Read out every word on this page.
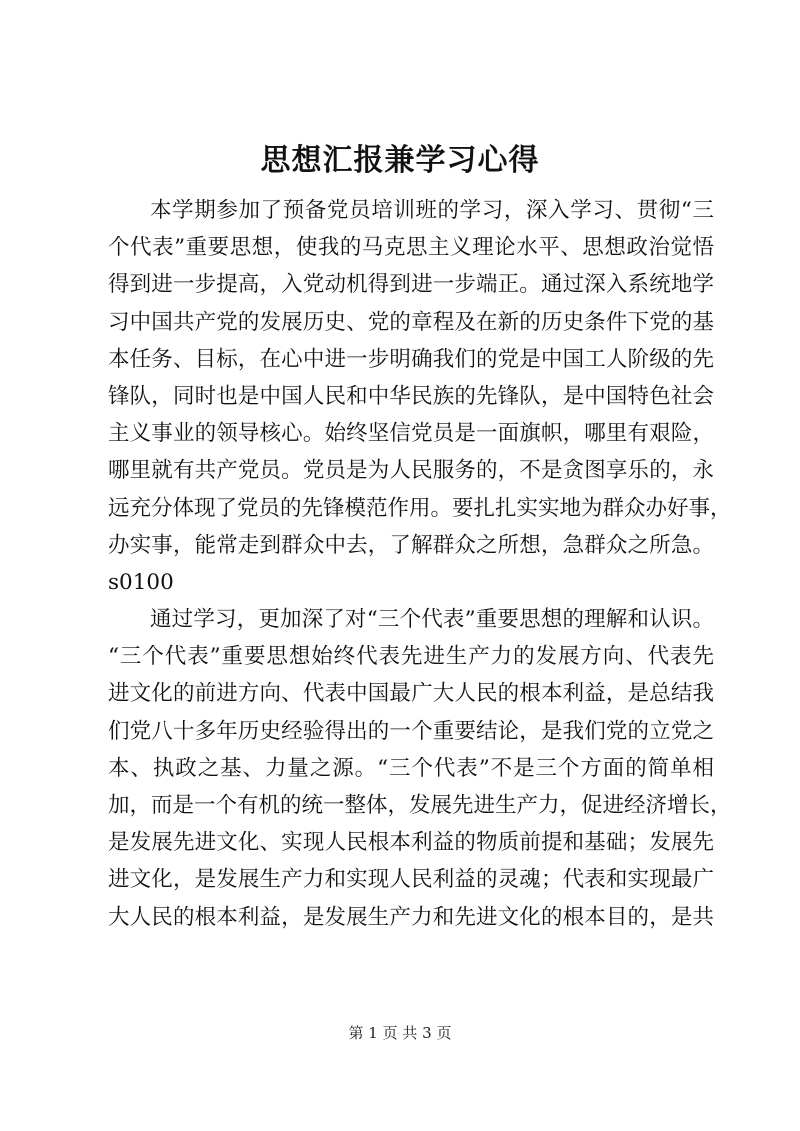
思想汇报兼学习心得
本学期参加了预备党员培训班的学习，深入学习、贯彻“三
个代表”重要思想，使我的马克思主义理论水平、思想政治觉悟
得到进一步提高，入党动机得到进一步端正。通过深入系统地学
习中国共产党的发展历史、党的章程及在新的历史条件下党的基
本任务、目标，在心中进一步明确我们的党是中国工人阶级的先
锋队，同时也是中国人民和中华民族的先锋队，是中国特色社会
主义事业的领导核心。始终坚信党员是一面旗帜，哪里有艰险，
哪里就有共产党员。党员是为人民服务的，不是贪图享乐的，永
远充分体现了党员的先锋模范作用。要扎扎实实地为群众办好事，
办实事，能常走到群众中去，了解群众之所想，急群众之所急。
s0100
通过学习，更加深了对“三个代表”重要思想的理解和认识。
“三个代表”重要思想始终代表先进生产力的发展方向、代表先
进文化的前进方向、代表中国最广大人民的根本利益，是总结我
们党八十多年历史经验得出的一个重要结论，是我们党的立党之
本、执政之基、力量之源。“三个代表”不是三个方面的简单相
加，而是一个有机的统一整体，发展先进生产力，促进经济增长，
是发展先进文化、实现人民根本利益的物质前提和基础；发展先
进文化，是发展生产力和实现人民利益的灵魂；代表和实现最广
大人民的根本利益，是发展生产力和先进文化的根本目的，是共
第 1 页 共 3 页
